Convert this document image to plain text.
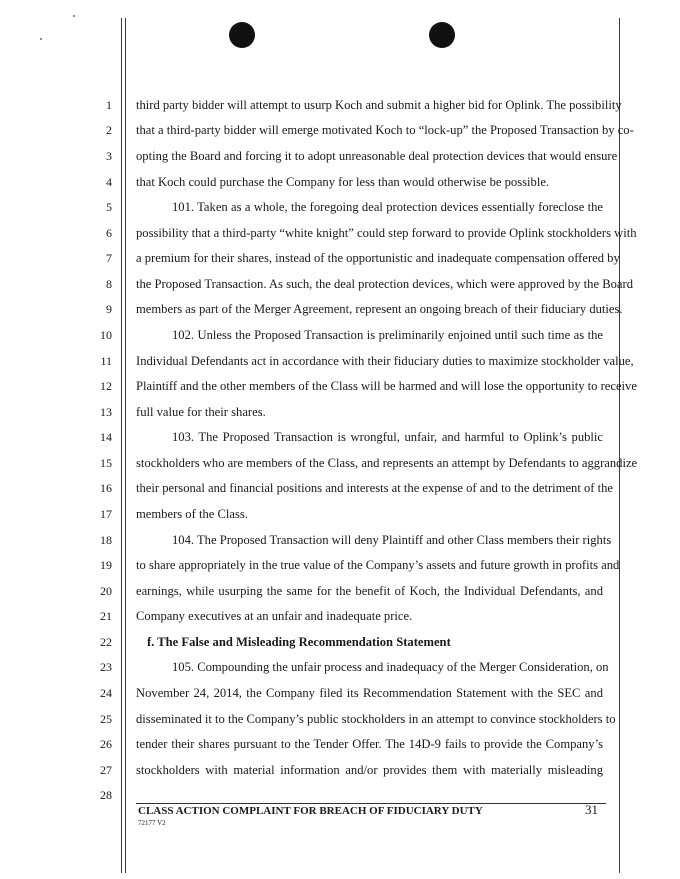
1
2
3
4
5
6
7
8
9
10
11
12
13
14
15
16
17
18
19
20
21
22
23
24
25
26
27
28
third party bidder will attempt to usurp Koch and submit a higher bid for Oplink. The possibility
that a third-party bidder will emerge motivated Koch to “lock-up” the Proposed Transaction by co-
opting the Board and forcing it to adopt unreasonable deal protection devices that would ensure
that Koch could purchase the Company for less than would otherwise be possible.
101. Taken as a whole, the foregoing deal protection devices essentially foreclose the
possibility that a third-party “white knight” could step forward to provide Oplink stockholders with
a premium for their shares, instead of the opportunistic and inadequate compensation offered by
the Proposed Transaction. As such, the deal protection devices, which were approved by the Board
members as part of the Merger Agreement, represent an ongoing breach of their fiduciary duties.
102. Unless the Proposed Transaction is preliminarily enjoined until such time as the
Individual Defendants act in accordance with their fiduciary duties to maximize stockholder value,
Plaintiff and the other members of the Class will be harmed and will lose the opportunity to receive
full value for their shares.
103. The Proposed Transaction is wrongful, unfair, and harmful to Oplink’s public
stockholders who are members of the Class, and represents an attempt by Defendants to aggrandize
their personal and financial positions and interests at the expense of and to the detriment of the
members of the Class.
104. The Proposed Transaction will deny Plaintiff and other Class members their rights
to share appropriately in the true value of the Company’s assets and future growth in profits and
earnings, while usurping the same for the benefit of Koch, the Individual Defendants, and
Company executives at an unfair and inadequate price.
f. The False and Misleading Recommendation Statement
105. Compounding the unfair process and inadequacy of the Merger Consideration, on
November 24, 2014, the Company filed its Recommendation Statement with the SEC and
disseminated it to the Company’s public stockholders in an attempt to convince stockholders to
tender their shares pursuant to the Tender Offer. The 14D-9 fails to provide the Company’s
stockholders with material information and/or provides them with materially misleading
CLASS ACTION COMPLAINT FOR BREACH OF FIDUCIARY DUTY
72177 V2
31
